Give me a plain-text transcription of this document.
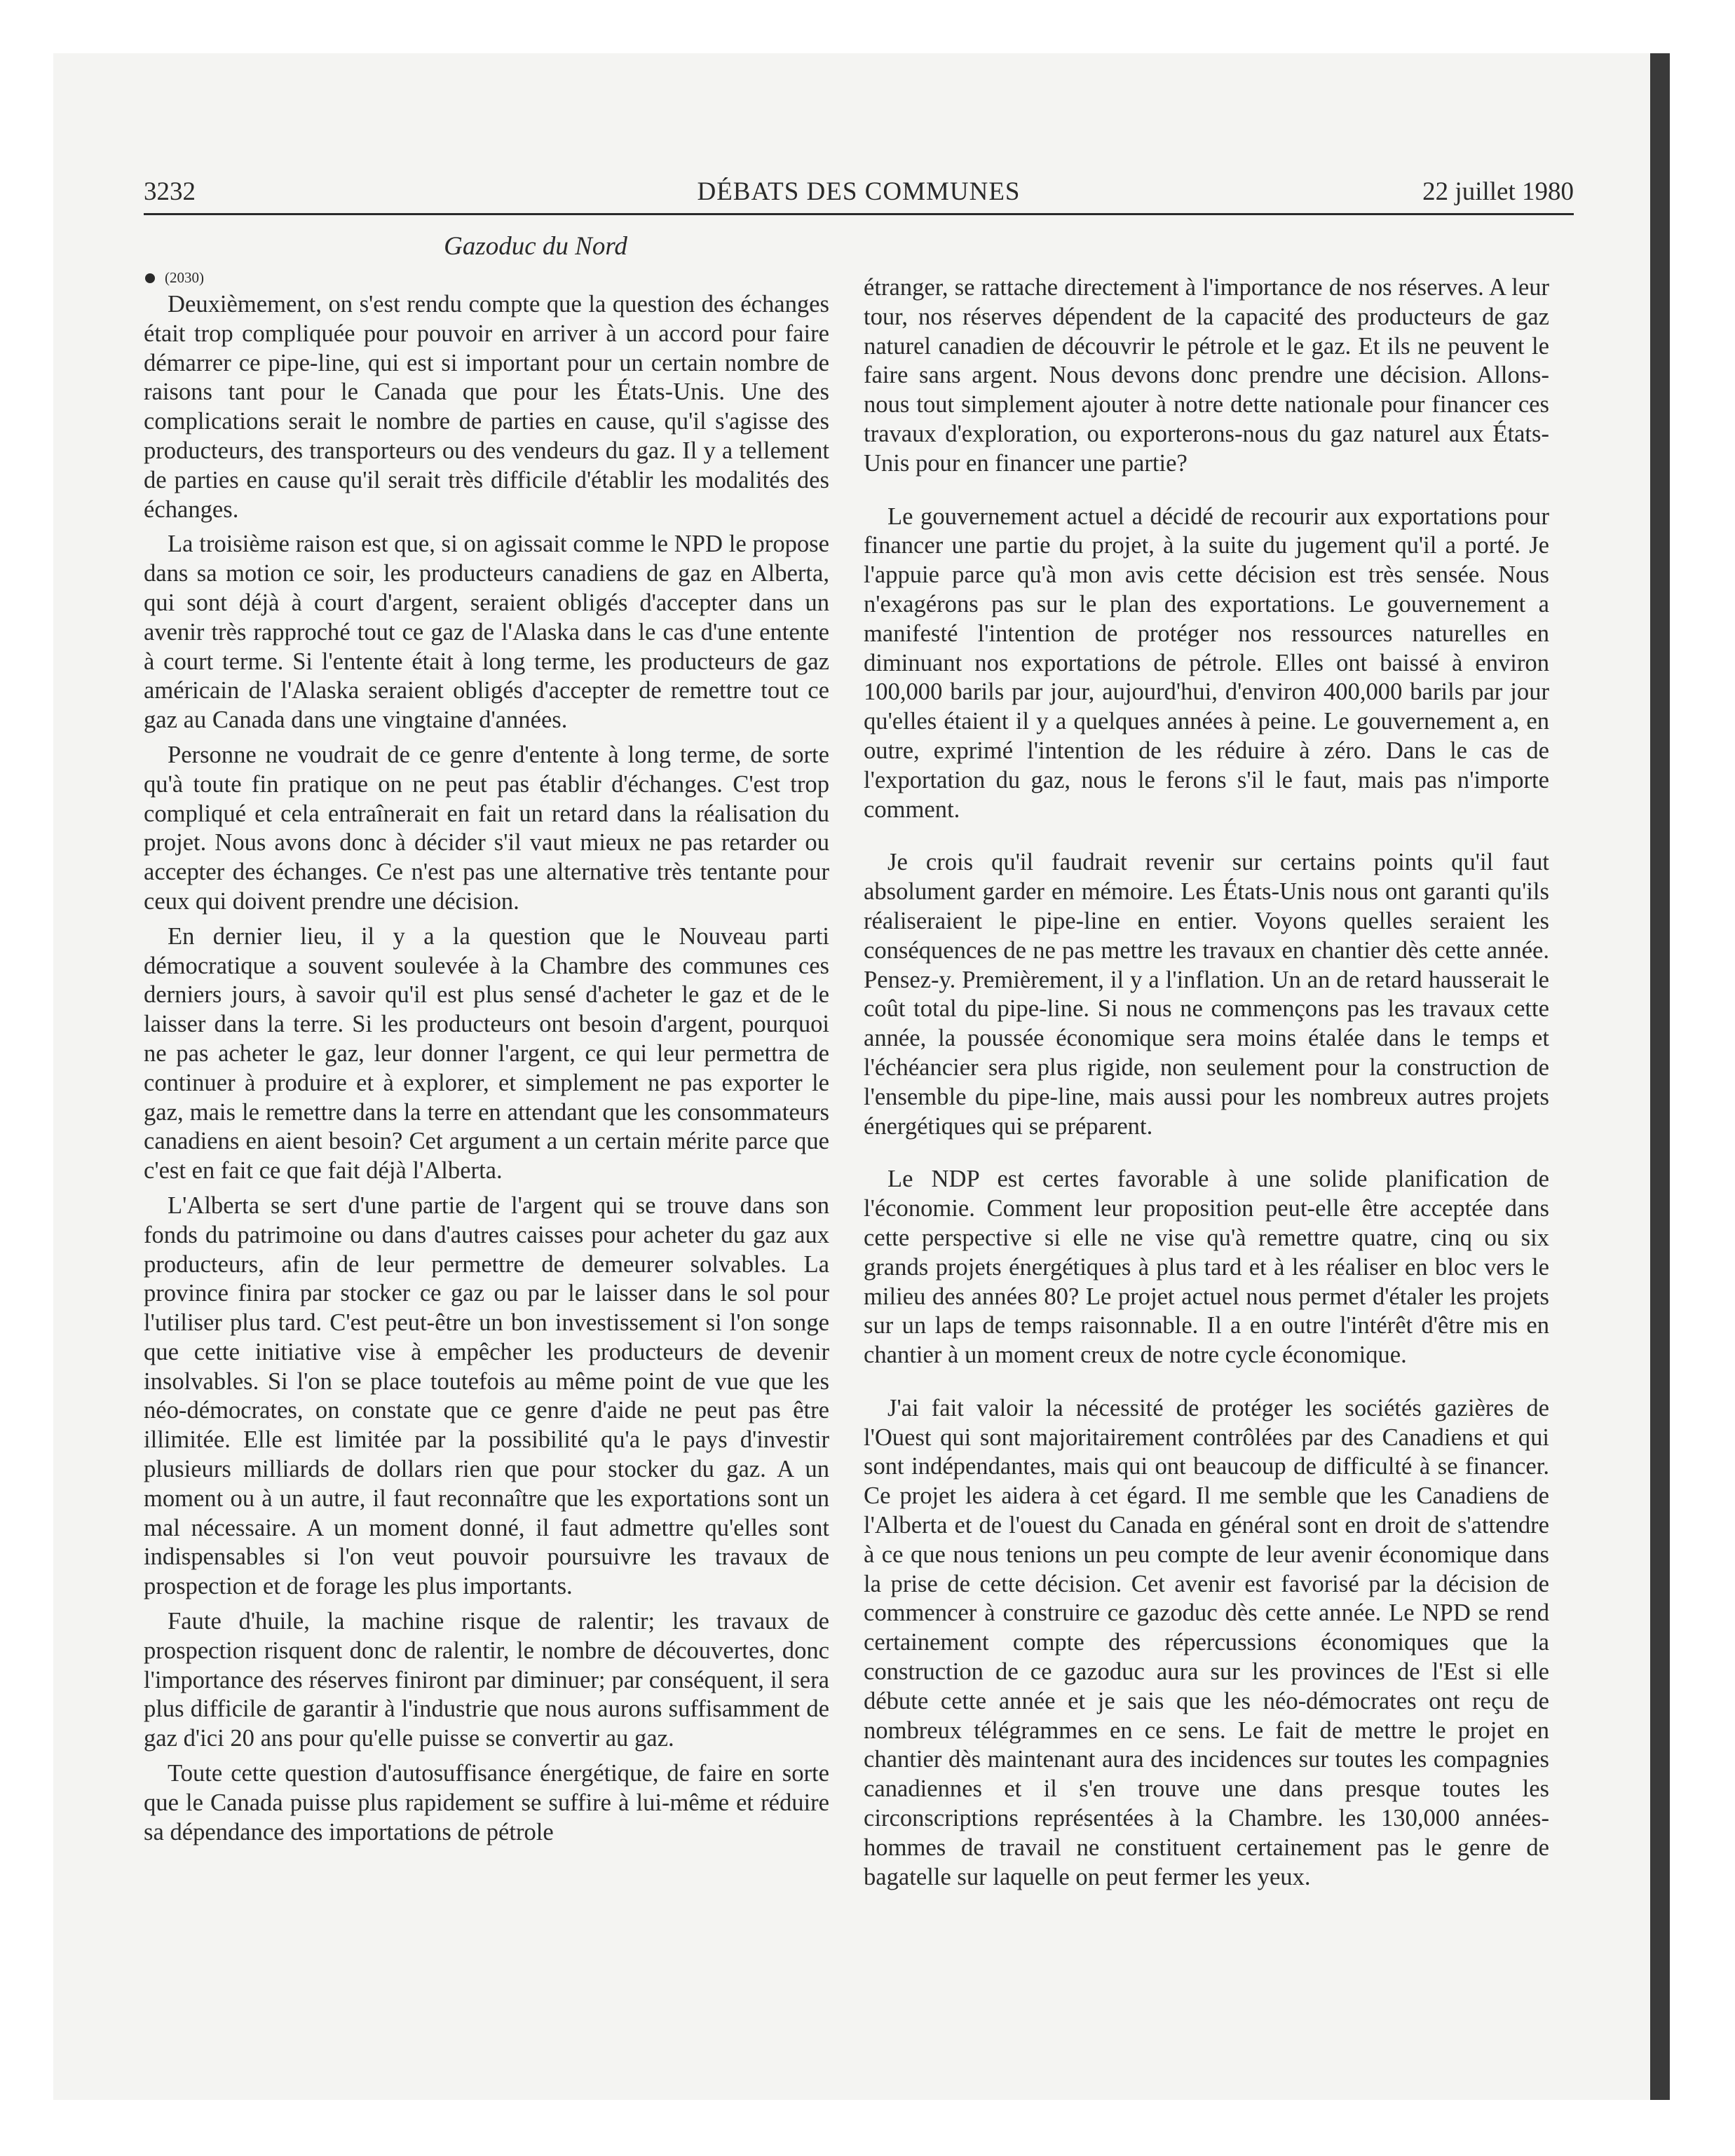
3232	DÉBATS DES COMMUNES	22 juillet 1980
Gazoduc du Nord
(2030)

Deuxièmement, on s'est rendu compte que la question des échanges était trop compliquée pour pouvoir en arriver à un accord pour faire démarrer ce pipe-line, qui est si important pour un certain nombre de raisons tant pour le Canada que pour les États-Unis. Une des complications serait le nombre de parties en cause, qu'il s'agisse des producteurs, des transporteurs ou des vendeurs du gaz. Il y a tellement de parties en cause qu'il serait très difficile d'établir les modalités des échanges.

La troisième raison est que, si on agissait comme le NPD le propose dans sa motion ce soir, les producteurs canadiens de gaz en Alberta, qui sont déjà à court d'argent, seraient obligés d'accepter dans un avenir très rapproché tout ce gaz de l'Alaska dans le cas d'une entente à court terme. Si l'entente était à long terme, les producteurs de gaz américain de l'Alaska seraient obligés d'accepter de remettre tout ce gaz au Canada dans une vingtaine d'années.

Personne ne voudrait de ce genre d'entente à long terme, de sorte qu'à toute fin pratique on ne peut pas établir d'échanges. C'est trop compliqué et cela entraînerait en fait un retard dans la réalisation du projet. Nous avons donc à décider s'il vaut mieux ne pas retarder ou accepter des échanges. Ce n'est pas une alternative très tentante pour ceux qui doivent prendre une décision.

En dernier lieu, il y a la question que le Nouveau parti démocratique a souvent soulevée à la Chambre des communes ces derniers jours, à savoir qu'il est plus sensé d'acheter le gaz et de le laisser dans la terre. Si les producteurs ont besoin d'argent, pourquoi ne pas acheter le gaz, leur donner l'argent, ce qui leur permettra de continuer à produire et à explorer, et simplement ne pas exporter le gaz, mais le remettre dans la terre en attendant que les consommateurs canadiens en aient besoin? Cet argument a un certain mérite parce que c'est en fait ce que fait déjà l'Alberta.

L'Alberta se sert d'une partie de l'argent qui se trouve dans son fonds du patrimoine ou dans d'autres caisses pour acheter du gaz aux producteurs, afin de leur permettre de demeurer solvables. La province finira par stocker ce gaz ou par le laisser dans le sol pour l'utiliser plus tard. C'est peut-être un bon investissement si l'on songe que cette initiative vise à empêcher les producteurs de devenir insolvables. Si l'on se place toutefois au même point de vue que les néo-démocrates, on constate que ce genre d'aide ne peut pas être illimitée. Elle est limitée par la possibilité qu'a le pays d'investir plusieurs milliards de dollars rien que pour stocker du gaz. A un moment ou à un autre, il faut reconnaître que les exportations sont un mal nécessaire. A un moment donné, il faut admettre qu'elles sont indispensables si l'on veut pouvoir poursuivre les travaux de prospection et de forage les plus importants.

Faute d'huile, la machine risque de ralentir; les travaux de prospection risquent donc de ralentir, le nombre de découvertes, donc l'importance des réserves finiront par diminuer; par conséquent, il sera plus difficile de garantir à l'industrie que nous aurons suffisamment de gaz d'ici 20 ans pour qu'elle puisse se convertir au gaz.

Toute cette question d'autosuffisance énergétique, de faire en sorte que le Canada puisse plus rapidement se suffire à lui-même et réduire sa dépendance des importations de pétrole

étranger, se rattache directement à l'importance de nos réserves. A leur tour, nos réserves dépendent de la capacité des producteurs de gaz naturel canadien de découvrir le pétrole et le gaz. Et ils ne peuvent le faire sans argent. Nous devons donc prendre une décision. Allons-nous tout simplement ajouter à notre dette nationale pour financer ces travaux d'exploration, ou exporterons-nous du gaz naturel aux États-Unis pour en financer une partie?

Le gouvernement actuel a décidé de recourir aux exportations pour financer une partie du projet, à la suite du jugement qu'il a porté. Je l'appuie parce qu'à mon avis cette décision est très sensée. Nous n'exagérons pas sur le plan des exportations. Le gouvernement a manifesté l'intention de protéger nos ressources naturelles en diminuant nos exportations de pétrole. Elles ont baissé à environ 100,000 barils par jour, aujourd'hui, d'environ 400,000 barils par jour qu'elles étaient il y a quelques années à peine. Le gouvernement a, en outre, exprimé l'intention de les réduire à zéro. Dans le cas de l'exportation du gaz, nous le ferons s'il le faut, mais pas n'importe comment.

Je crois qu'il faudrait revenir sur certains points qu'il faut absolument garder en mémoire. Les États-Unis nous ont garanti qu'ils réaliseraient le pipe-line en entier. Voyons quelles seraient les conséquences de ne pas mettre les travaux en chantier dès cette année. Pensez-y. Premièrement, il y a l'inflation. Un an de retard hausserait le coût total du pipe-line. Si nous ne commençons pas les travaux cette année, la poussée économique sera moins étalée dans le temps et l'échéancier sera plus rigide, non seulement pour la construction de l'ensemble du pipe-line, mais aussi pour les nombreux autres projets énergétiques qui se préparent.

Le NDP est certes favorable à une solide planification de l'économie. Comment leur proposition peut-elle être acceptée dans cette perspective si elle ne vise qu'à remettre quatre, cinq ou six grands projets énergétiques à plus tard et à les réaliser en bloc vers le milieu des années 80? Le projet actuel nous permet d'étaler les projets sur un laps de temps raisonnable. Il a en outre l'intérêt d'être mis en chantier à un moment creux de notre cycle économique.

J'ai fait valoir la nécessité de protéger les sociétés gazières de l'Ouest qui sont majoritairement contrôlées par des Canadiens et qui sont indépendantes, mais qui ont beaucoup de difficulté à se financer. Ce projet les aidera à cet égard. Il me semble que les Canadiens de l'Alberta et de l'ouest du Canada en général sont en droit de s'attendre à ce que nous tenions un peu compte de leur avenir économique dans la prise de cette décision. Cet avenir est favorisé par la décision de commencer à construire ce gazoduc dès cette année. Le NPD se rend certainement compte des répercussions économiques que la construction de ce gazoduc aura sur les provinces de l'Est si elle débute cette année et je sais que les néo-démocrates ont reçu de nombreux télégrammes en ce sens. Le fait de mettre le projet en chantier dès maintenant aura des incidences sur toutes les compagnies canadiennes et il s'en trouve une dans presque toutes les circonscriptions représentées à la Chambre. les 130,000 années-hommes de travail ne constituent certainement pas le genre de bagatelle sur laquelle on peut fermer les yeux.
